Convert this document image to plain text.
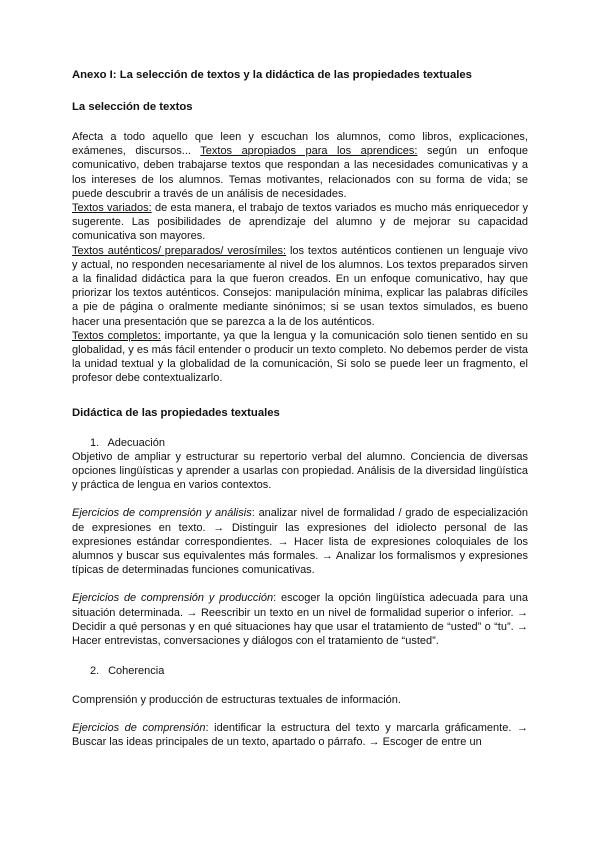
Anexo I: La selección de textos y la didáctica de las propiedades textuales
La selección de textos

Afecta a todo aquello que leen y escuchan los alumnos, como libros, explicaciones, exámenes, discursos... Textos apropiados para los aprendices: según un enfoque comunicativo, deben trabajarse textos que respondan a las necesidades comunicativas y a los intereses de los alumnos. Temas motivantes, relacionados con su forma de vida; se puede descubrir a través de un análisis de necesidades.
Textos variados: de esta manera, el trabajo de textos variados es mucho más enriquecedor y sugerente. Las posibilidades de aprendizaje del alumno y de mejorar su capacidad comunicativa son mayores.
Textos auténticos/ preparados/ verosímiles: los textos auténticos contienen un lenguaje vivo y actual, no responden necesariamente al nivel de los alumnos. Los textos preparados sirven a la finalidad didáctica para la que fueron creados. En un enfoque comunicativo, hay que priorizar los textos auténticos. Consejos: manipulación mínima, explicar las palabras difíciles a pie de página o oralmente mediante sinónimos; si se usan textos simulados, es bueno hacer una presentación que se parezca a la de los auténticos.
Textos completos: importante, ya que la lengua y la comunicación solo tienen sentido en su globalidad, y es más fácil entender o producir un texto completo. No debemos perder de vista la unidad textual y la globalidad de la comunicación, Si solo se puede leer un fragmento, el profesor debe contextualizarlo.

Didáctica de las propiedades textuales
1. Adecuación

Objetivo de ampliar y estructurar su repertorio verbal del alumno. Conciencia de diversas opciones lingüísticas y aprender a usarlas con propiedad. Análisis de la diversidad lingüística y práctica de lengua en varios contextos.

Ejercicios de comprensión y análisis: analizar nivel de formalidad / grado de especialización de expresiones en texto. → Distinguir las expresiones del idiolecto personal de las expresiones estándar correspondientes. → Hacer lista de expresiones coloquiales de los alumnos y buscar sus equivalentes más formales. → Analizar los formalismos y expresiones típicas de determinadas funciones comunicativas.

Ejercicios de comprensión y producción: escoger la opción lingüística adecuada para una situación determinada. → Reescribir un texto en un nivel de formalidad superior o inferior. → Decidir a qué personas y en qué situaciones hay que usar el tratamiento de “usted” o “tu”. → Hacer entrevistas, conversaciones y diálogos con el tratamiento de “usted”.

2. Coherencia

Comprensión y producción de estructuras textuales de información.

Ejercicios de comprensión: identificar la estructura del texto y marcarla gráficamente. → Buscar las ideas principales de un texto, apartado o párrafo. → Escoger de entre un
